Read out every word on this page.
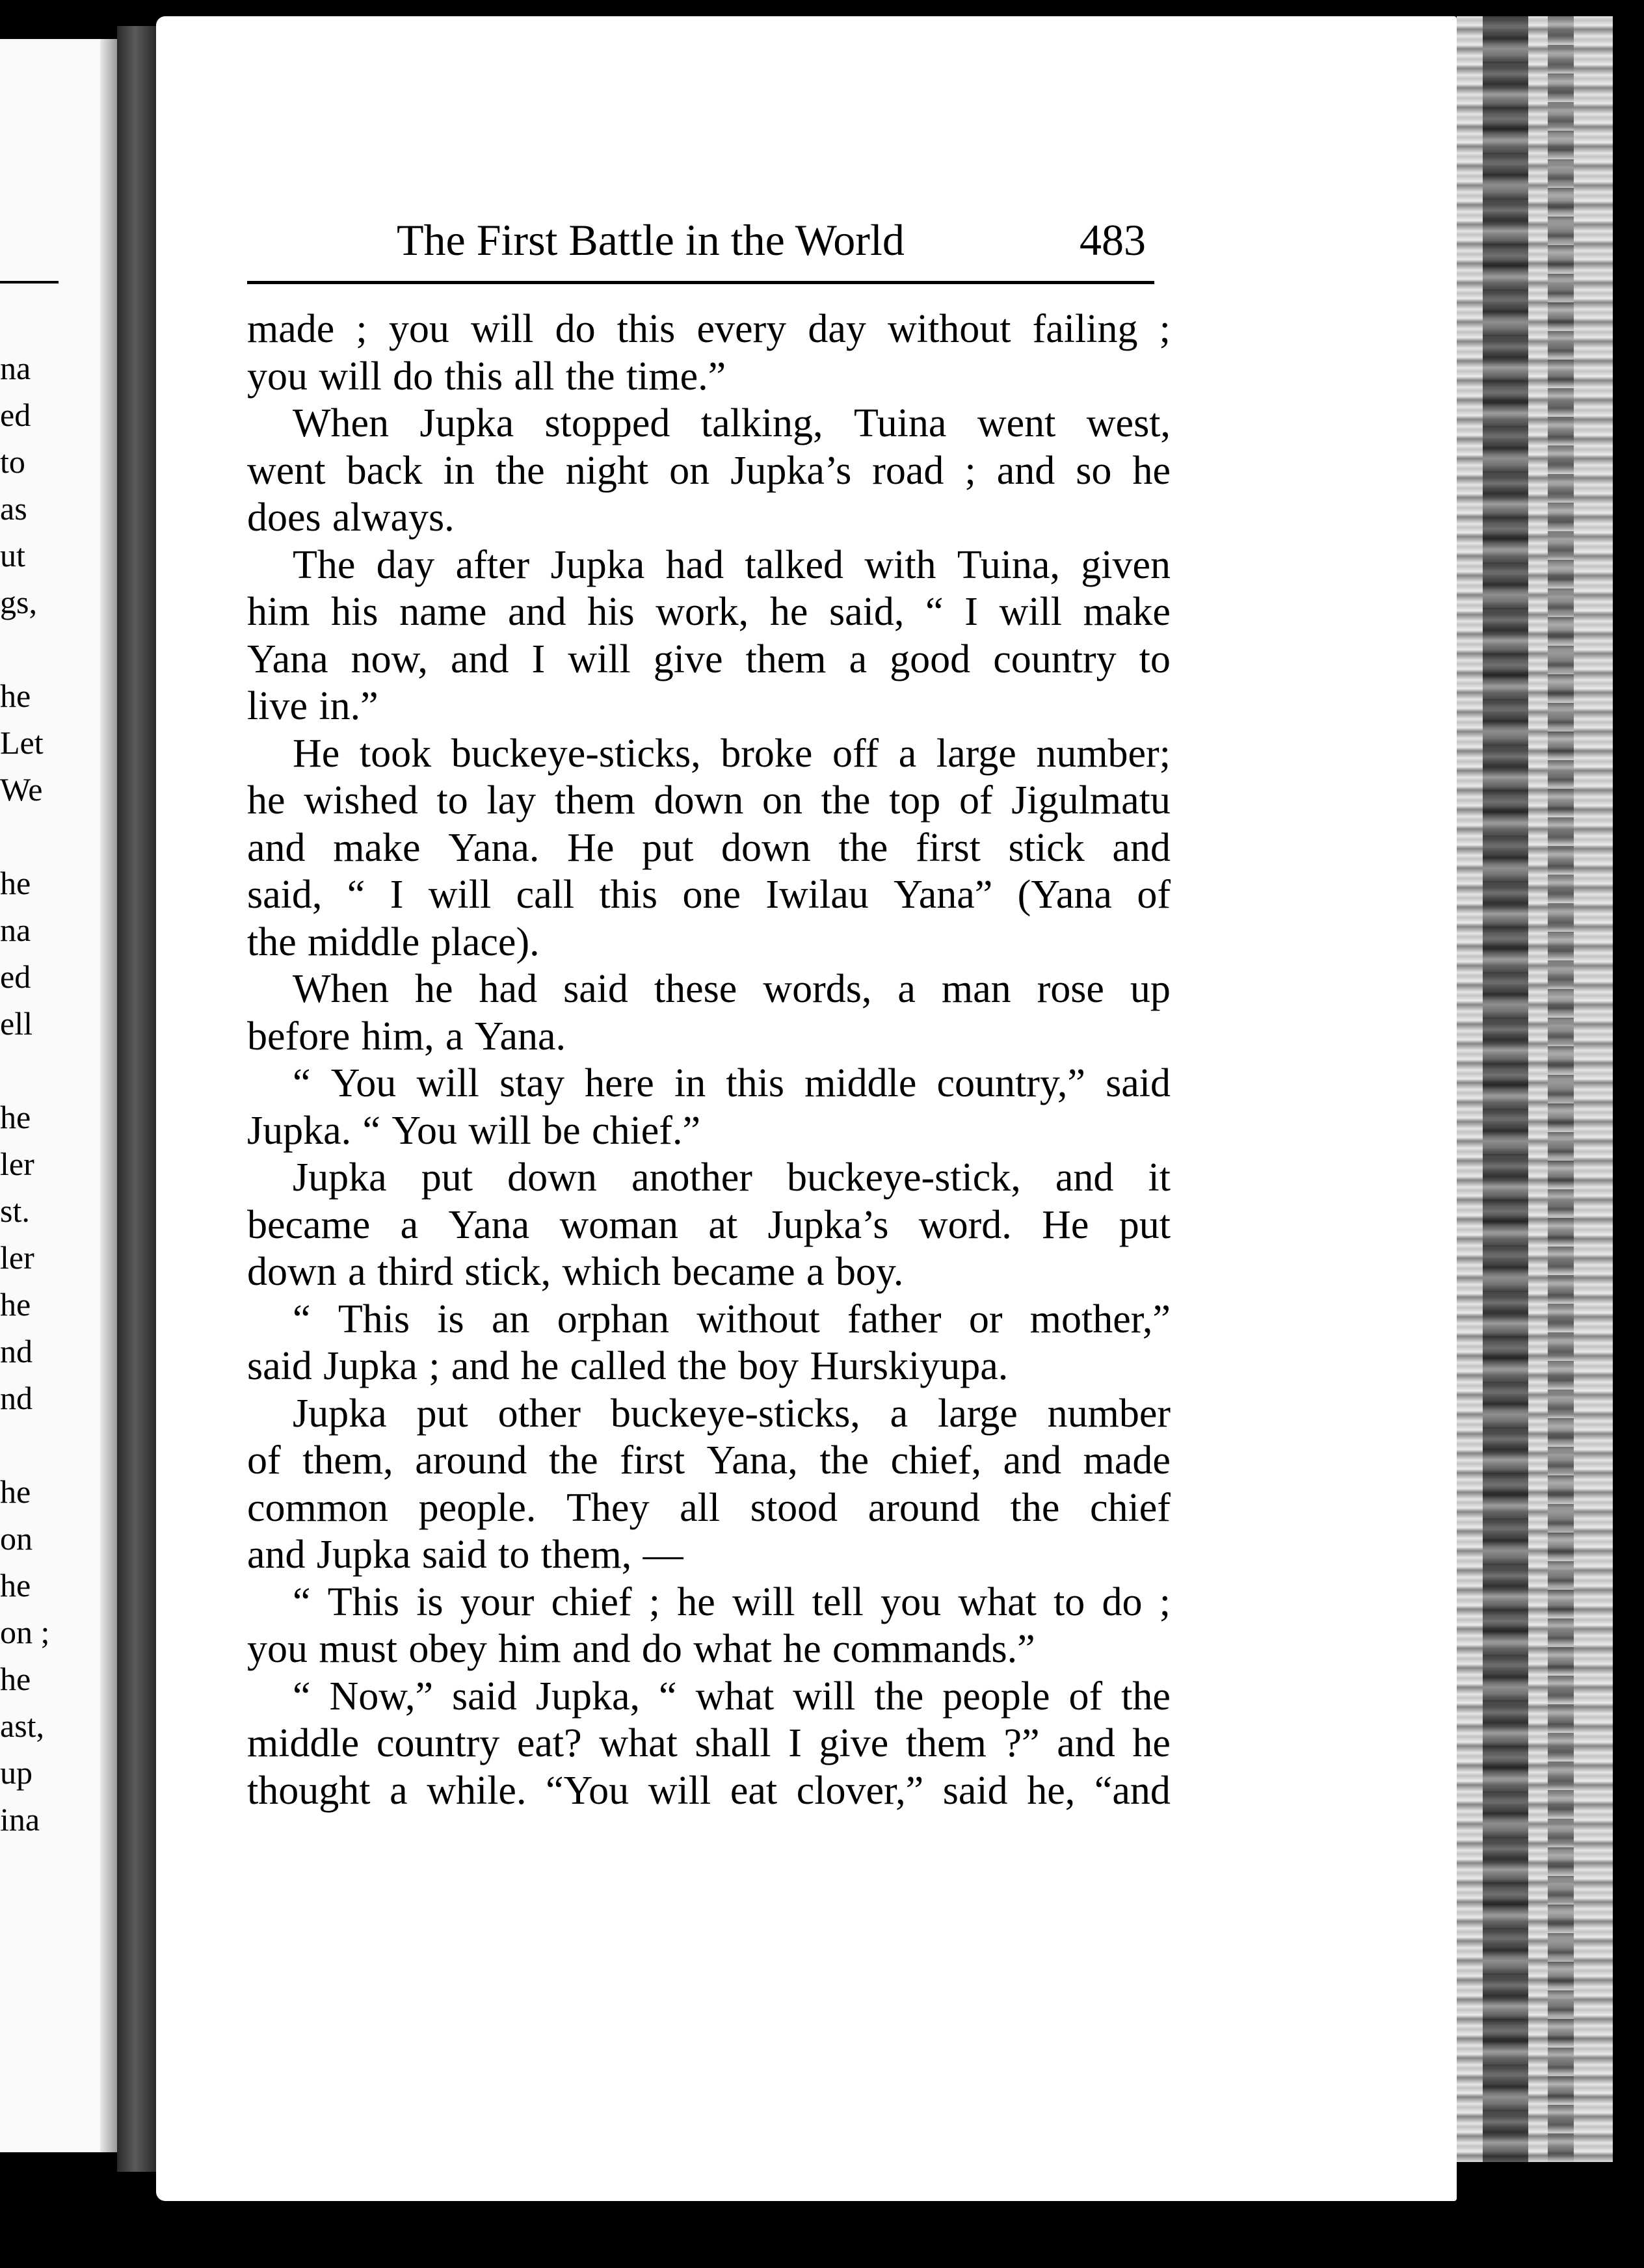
na
ed
to
as
ut
gs,
he
Let
We
he
na
ed
ell
he
ler
st.
ler
he
nd
nd
he
on
he
on ;
he
ast,
up
ina
The First Battle in the World	483
made ; you will do this every day without failing ;
you will do this all the time.”
When Jupka stopped talking, Tuina went west,
went back in the night on Jupka’s road ; and so he
does always.
The day after Jupka had talked with Tuina, given
him his name and his work, he said, “ I will make
Yana now, and I will give them a good country to
live in.”
He took buckeye-sticks, broke off a large number;
he wished to lay them down on the top of Jigulmatu
and make Yana. He put down the first stick and
said, “ I will call this one Iwilau Yana” (Yana of
the middle place).
When he had said these words, a man rose up
before him, a Yana.
“ You will stay here in this middle country,” said
Jupka. “ You will be chief.”
Jupka put down another buckeye-stick, and it
became a Yana woman at Jupka’s word. He put
down a third stick, which became a boy.
“ This is an orphan without father or mother,”
said Jupka ; and he called the boy Hurskiyupa.
Jupka put other buckeye-sticks, a large number
of them, around the first Yana, the chief, and made
common people. They all stood around the chief
and Jupka said to them, —
“ This is your chief ; he will tell you what to do ;
you must obey him and do what he commands.”
“ Now,” said Jupka, “ what will the people of the
middle country eat? what shall I give them ?” and he
thought a while. “You will eat clover,” said he, “and
